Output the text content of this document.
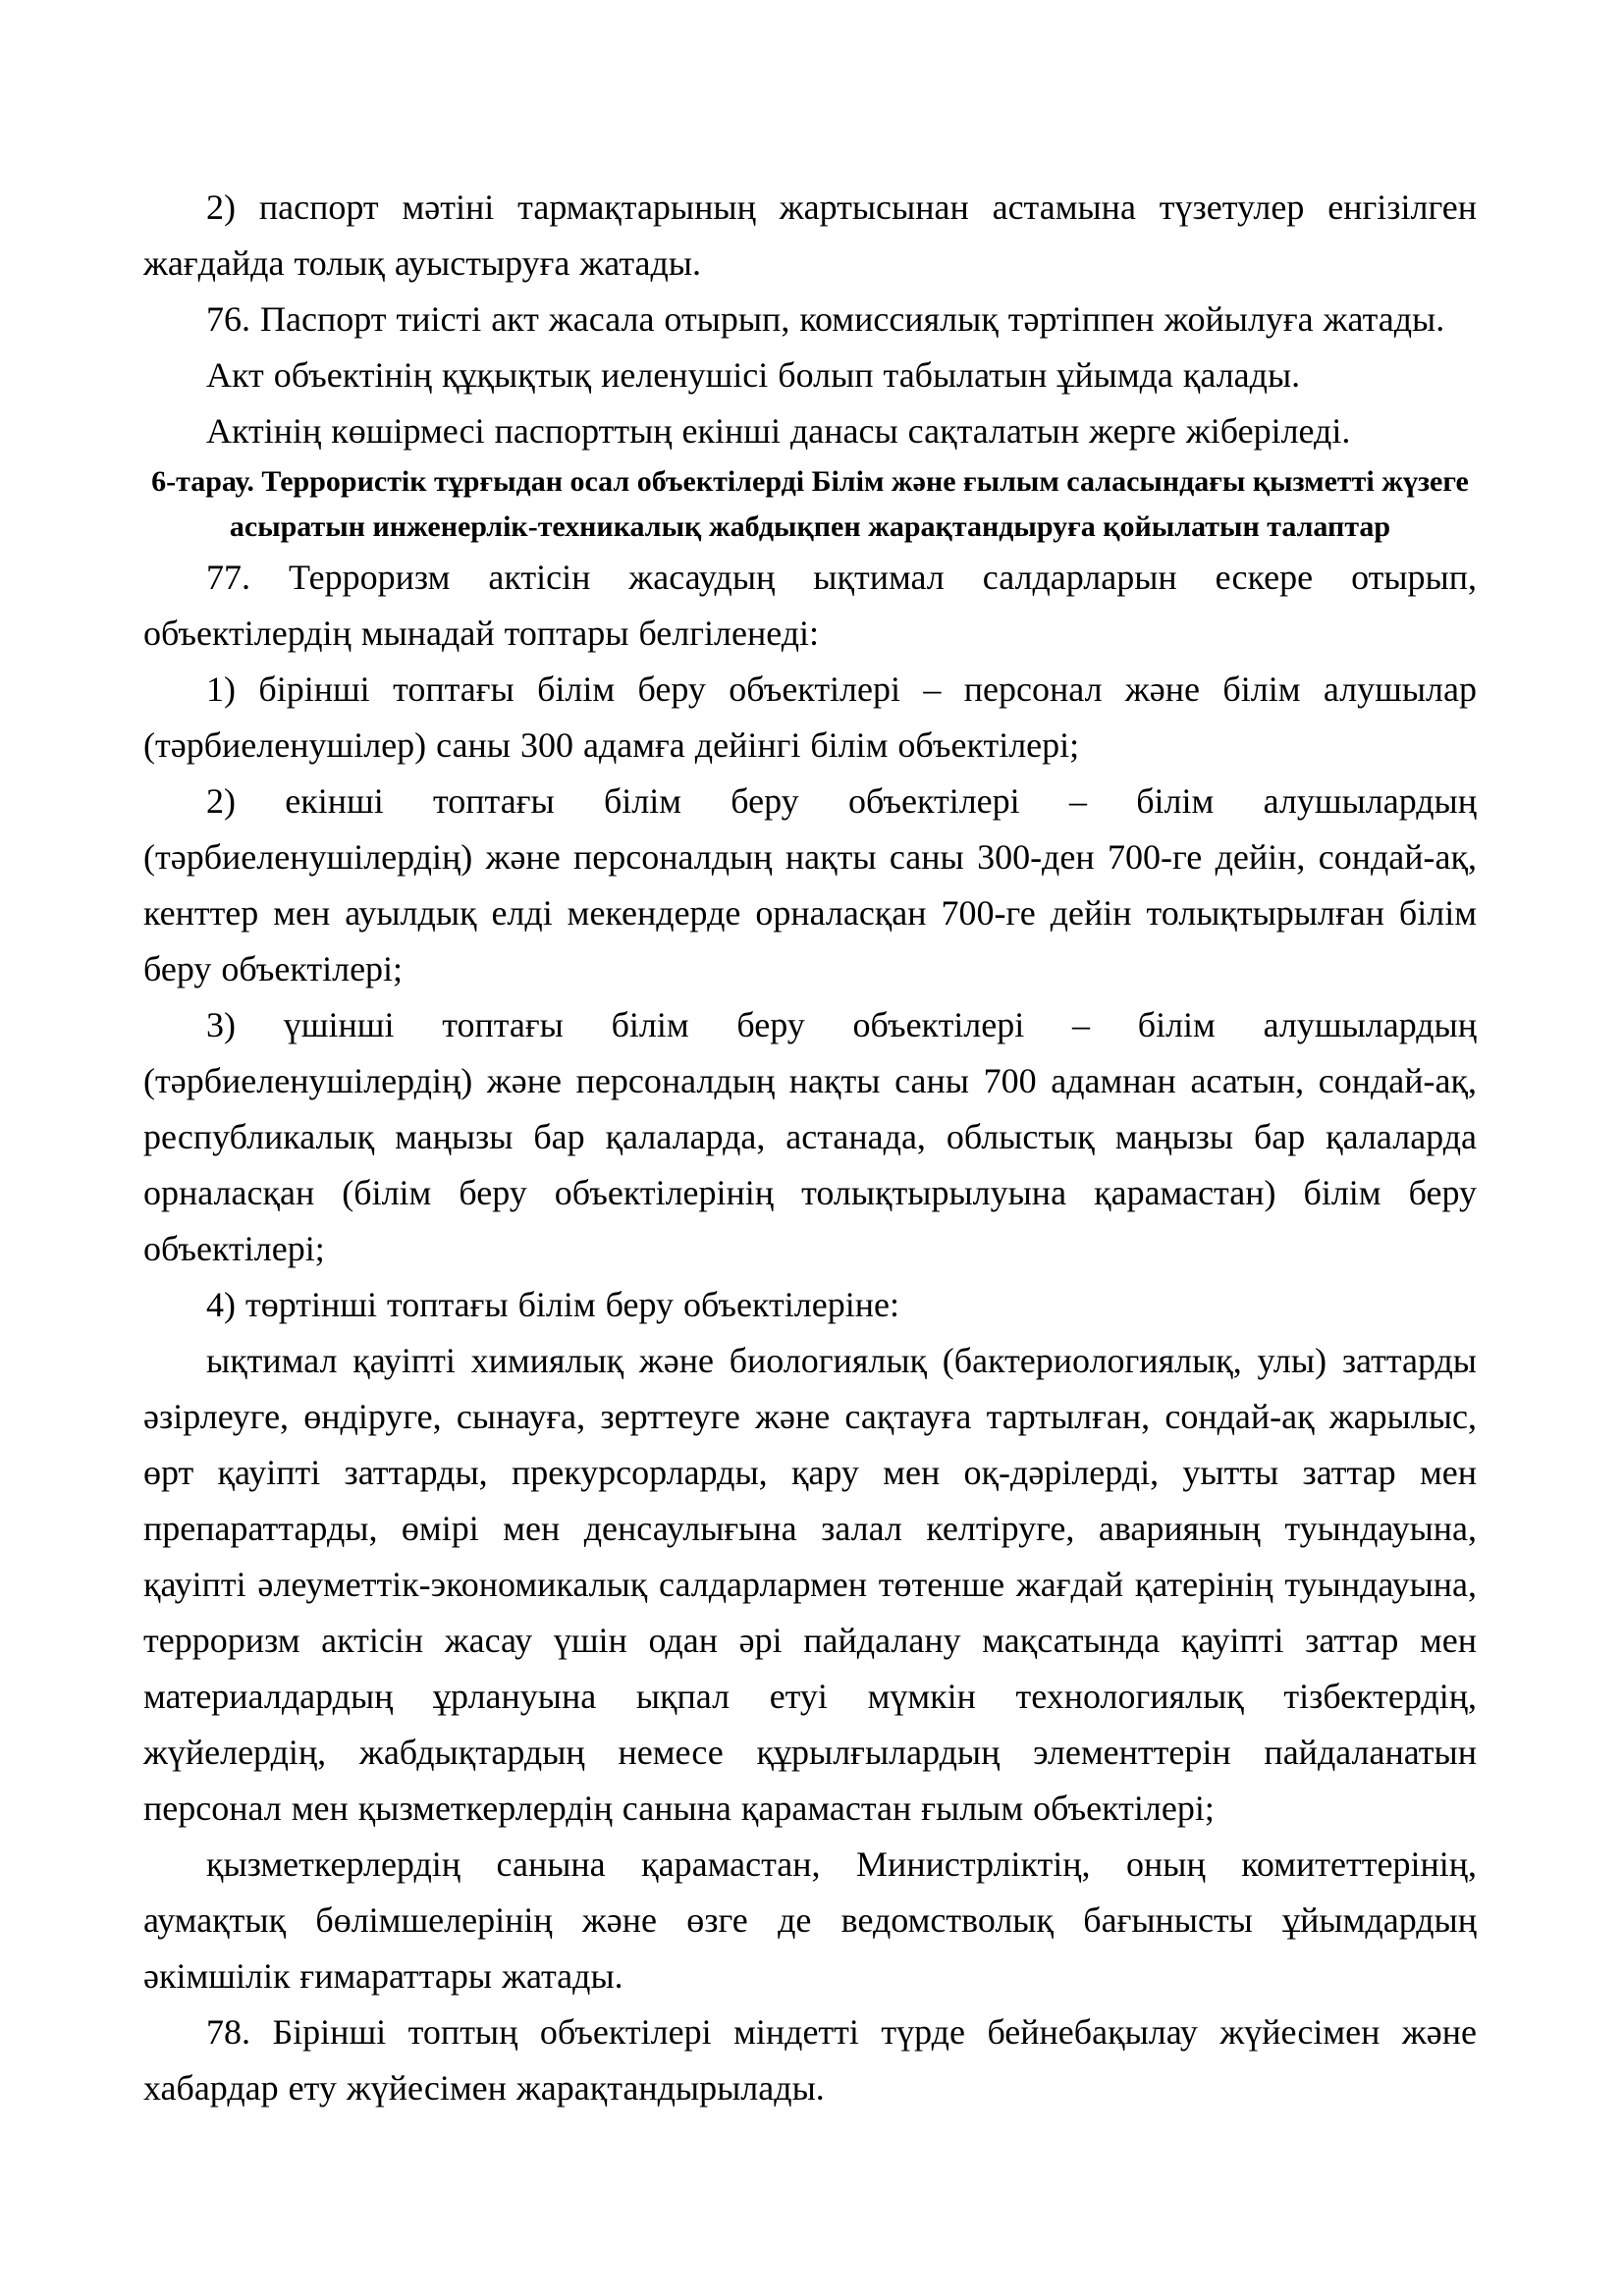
2) паспорт мәтіні тармақтарының жартысынан астамына түзетулер енгізілген жағдайда толық ауыстыруға жатады.

76. Паспорт тиісті акт жасала отырып, комиссиялық тәртіппен жойылуға жатады.

Акт объектінің құқықтық иеленушісі болып табылатын ұйымда қалады.

Актінің көшірмесі паспорттың екінші данасы сақталатын жерге жіберіледі.

6-тарау. Террористік тұрғыдан осал объектілерді Білім және ғылым саласындағы қызметті жүзеге асыратын инженерлік-техникалық жабдықпен жарақтандыруға қойылатын талаптар

77. Терроризм актісін жасаудың ықтимал салдарларын ескере отырып, объектілердің мынадай топтары белгіленеді:

1) бірінші топтағы білім беру объектілері – персонал және білім алушылар (тәрбиеленушілер) саны 300 адамға дейінгі білім объектілері;

2) екінші топтағы білім беру объектілері – білім алушылардың (тәрбиеленушілердің) және персоналдың нақты саны 300-ден 700-ге дейін, сондай-ақ, кенттер мен ауылдық елді мекендерде орналасқан 700-ге дейін толықтырылған білім беру объектілері;

3) үшінші топтағы білім беру объектілері – білім алушылардың (тәрбиеленушілердің) және персоналдың нақты саны 700 адамнан асатын, сондай-ақ, республикалық маңызы бар қалаларда, астанада, облыстық маңызы бар қалаларда орналасқан (білім беру объектілерінің толықтырылуына қарамастан) білім беру объектілері;

4) төртінші топтағы білім беру объектілеріне:

ықтимал қауіпті химиялық және биологиялық (бактериологиялық, улы) заттарды әзірлеуге, өндіруге, сынауға, зерттеуге және сақтауға тартылған, сондай-ақ жарылыс, өрт қауіпті заттарды, прекурсорларды, қару мен оқ-дәрілерді, уытты заттар мен препараттарды, өмірі мен денсаулығына залал келтіруге, аварияның туындауына, қауіпті әлеуметтік-экономикалық салдарлармен төтенше жағдай қатерінің туындауына, терроризм актісін жасау үшін одан әрі пайдалану мақсатында қауіпті заттар мен материалдардың ұрлануына ықпал етуі мүмкін технологиялық тізбектердің, жүйелердің, жабдықтардың немесе құрылғылардың элементтерін пайдаланатын персонал мен қызметкерлердің санына қарамастан ғылым объектілері;

қызметкерлердің санына қарамастан, Министрліктің, оның комитеттерінің, аумақтық бөлімшелерінің және өзге де ведомстволық бағынысты ұйымдардың әкімшілік ғимараттары жатады.

78. Бірінші топтың объектілері міндетті түрде бейнебақылау жүйесімен және хабардар ету жүйесімен жарақтандырылады.
